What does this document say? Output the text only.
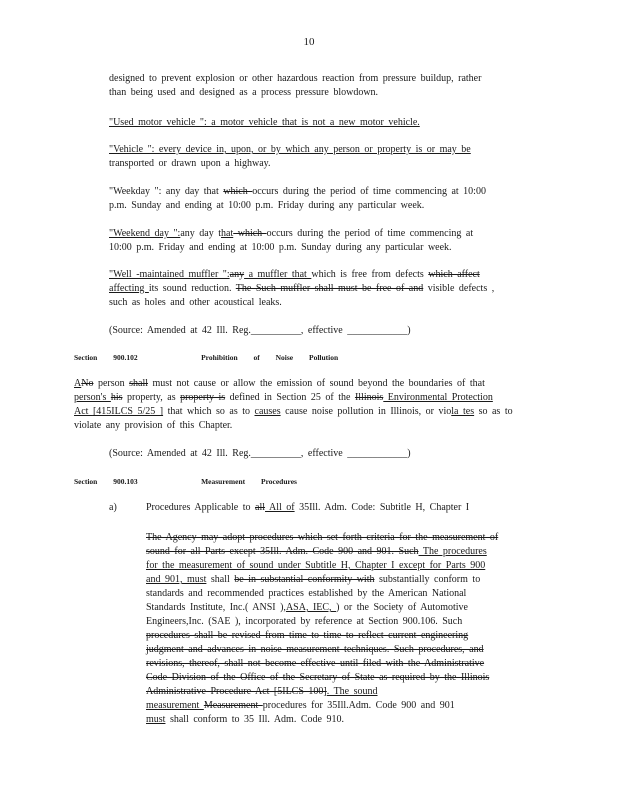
10
designed to prevent explosion or other hazardous reaction from pressure buildup, rather
than being used and designed as a process pressure blowdown.
"Used motor vehicle ": a motor vehicle that is not a new motor vehicle.
"Vehicle ": every device in, upon, or by which any person or property is or may be
transported or drawn upon a highway.
"Weekday ": any day that which occurs during the period of time commencing at 10:00
p.m. Sunday and ending at 10:00 p.m. Friday during any particular week.
"Weekend day ":any day that which occurs during the period of time commencing at
10:00 p.m. Friday and ending at 10:00 p.m. Sunday during any particular week.
"Well -maintained muffler ":any a muffler that which is free from defects which affect
affecting its sound reduction. The Such muffler shall must be free of and visible defects ,
such as holes and other acoustical leaks.
(Source: Amended at 42 Ill. Reg.__________, effective ____________)
Section 900.102	Prohibition of Noise Pollution
ANo person shall must not cause or allow the emission of sound beyond the boundaries of that
person's his property, as property is defined in Section 25 of the Illinois Environmental Protection
Act [415ILCS 5/25 ] that which so as to causes cause noise pollution in Illinois, or viola tes so as to
violate any provision of this Chapter.
(Source: Amended at 42 Ill. Reg.__________, effective ____________)
Section 900.103	Measurement Procedures
a)	Procedures Applicable to all All of 35Ill. Adm. Code: Subtitle H, Chapter I
The Agency may adopt procedures which set forth criteria for the measurement of
sound for all Parts except 35Ill. Adm. Code 900 and 901. Such The procedures
for the measurement of sound under Subtitle H, Chapter I except for Parts 900
and 901, must shall be in substantial conformity with substantially conform to
standards and recommended practices established by the American National
Standards Institute, Inc.( ANSI ),ASA, IEC, ) or the Society of Automotive
Engineers,Inc. (SAE ), incorporated by reference at Section 900.106. Such
procedures shall be revised from time to time to reflect current engineering
judgment and advances in noise measurement techniques. Such procedures, and
revisions, thereof, shall not become effective until filed with the Administrative
Code Division of the Office of the Secretary of State as required by the Illinois
Administrative Procedure Act [5ILCS 100]. The sound
measurement Measurement procedures for 35Ill.Adm. Code 900 and 901
must shall conform to 35 Ill. Adm. Code 910.
